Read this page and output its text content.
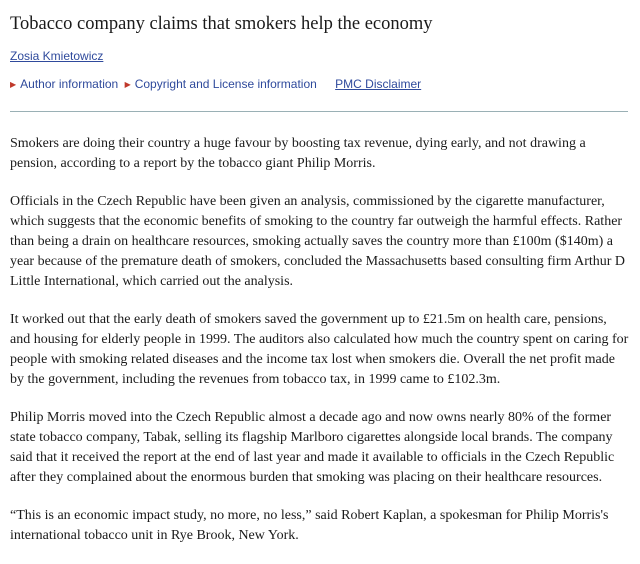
Tobacco company claims that smokers help the economy
Zosia Kmietowicz
▶ Author information ▶ Copyright and License information PMC Disclaimer

Smokers are doing their country a huge favour by boosting tax revenue, dying early, and not drawing a pension, according to a report by the tobacco giant Philip Morris.

Officials in the Czech Republic have been given an analysis, commissioned by the cigarette manufacturer, which suggests that the economic benefits of smoking to the country far outweigh the harmful effects. Rather than being a drain on healthcare resources, smoking actually saves the country more than £100m ($140m) a year because of the premature death of smokers, concluded the Massachusetts based consulting firm Arthur D Little International, which carried out the analysis.

It worked out that the early death of smokers saved the government up to £21.5m on health care, pensions, and housing for elderly people in 1999. The auditors also calculated how much the country spent on caring for people with smoking related diseases and the income tax lost when smokers die. Overall the net profit made by the government, including the revenues from tobacco tax, in 1999 came to £102.3m.

Philip Morris moved into the Czech Republic almost a decade ago and now owns nearly 80% of the former state tobacco company, Tabak, selling its flagship Marlboro cigarettes alongside local brands. The company said that it received the report at the end of last year and made it available to officials in the Czech Republic after they complained about the enormous burden that smoking was placing on their healthcare resources.

“This is an economic impact study, no more, no less,” said Robert Kaplan, a spokesman for Philip Morris's international tobacco unit in Rye Brook, New York.
